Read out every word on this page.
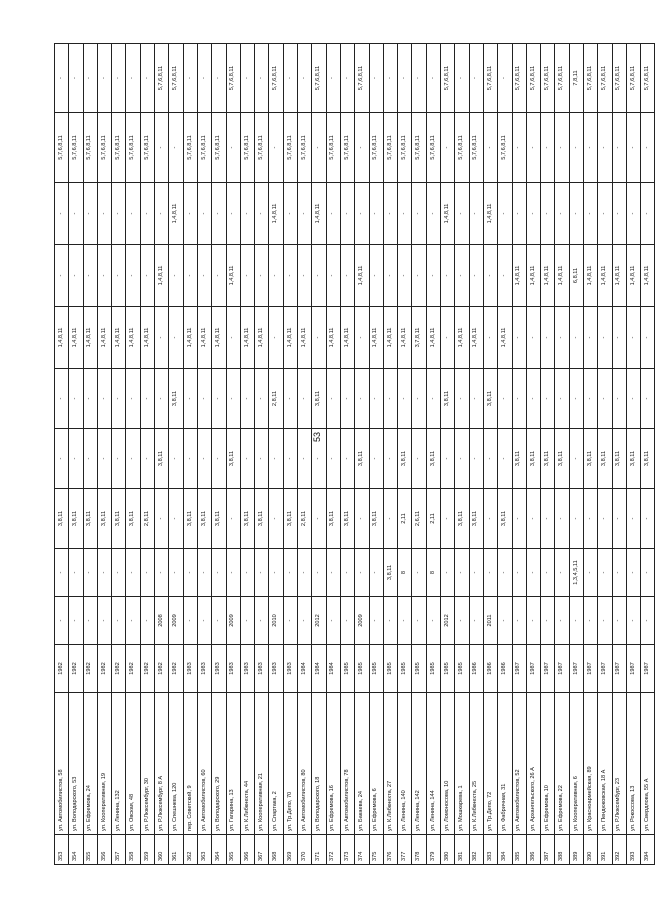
53
353	ул. Автомобилистов, 58	1982	-	-	3,8,11	-	-	1,4,8,11	-	-	5,7,6,8,11	-
354	ул. Володарского, 53	1982	-	-	3,8,11	-	-	1,4,8,11	-	-	5,7,6,8,11	-
355	ул. Ефремова, 24	1982	-	-	3,8,11	-	-	1,4,8,11	-	-	5,7,6,8,11	-
356	ул. Кооперативная, 19	1982	-	-	3,8,11	-	-	1,4,8,11	-	-	5,7,6,8,11	-
357	ул. Ленина, 132	1982	-	-	3,8,11	-	-	1,4,8,11	-	-	5,7,6,8,11	-
358	ул. Овская, 48	1982	-	-	3,8,11	-	-	1,4,8,11	-	-	5,7,6,8,11	-
359	ул. Р.Люксембург, 30	1982	-	-	2,8,11	-	-	1,4,8,11	-	-	5,7,6,8,11	-
360	ул. Р.Люксембург, 8 А	1982	2008	-	-	3,8,11	-	-	1,4,8,11	-	-	5,7,6,8,11
361	ул. Спешнева, 120	1982	2009	-	-	-	3,8,11	-	-	1,4,8,11	-	5,7,6,8,11
362	пер. Советский, 9	1983	-	-	3,8,11	-	-	1,4,8,11	-	-	5,7,6,8,11	-
363	ул. Автомобилистов, 60	1983	-	-	3,8,11	-	-	1,4,8,11	-	-	5,7,6,8,11	-
364	ул. Володарского, 29	1983	-	-	3,8,11	-	-	1,4,8,11	-	-	5,7,6,8,11	-
365	ул. Гагарина, 13	1983	2009	-	-	3,8,11	-	-	1,4,8,11	-	-	5,7,6,8,11
366	ул. К.Либкнехта, 44	1983	-	-	3,8,11	-	-	1,4,8,11	-	-	5,7,6,8,11	-
367	ул. Кооперативная, 21	1983	-	-	3,8,11	-	-	1,4,8,11	-	-	5,7,6,8,11	-
368	ул. Спартака, 2	1983	2010	-	-	-	2,8,11	-	-	1,4,8,11	-	5,7,6,8,11
369	ул. Тр.Депо, 70	1983	-	-	3,8,11	-	-	1,4,8,11	-	-	5,7,6,8,11	-
370	ул. Автомобилистов, 80	1984	-	-	2,8,11	-	-	1,4,8,11	-	-	5,7,6,8,11	-
371	ул. Володарского, 18	1984	2012	-	-	-	3,8,11	-	-	1,4,8,11	-	5,7,6,8,11
372	ул. Ефремова, 16	1984	-	-	3,8,11	-	-	1,4,8,11	-	-	5,7,6,8,11	-
373	ул. Автомобилистов, 78	1985	-	-	3,8,11	-	-	1,4,8,11	-	-	5,7,6,8,11	-
374	ул. Бакаева, 24	1985	2009	-	-	3,8,11	-	-	1,4,8,11	-	-	5,7,6,8,11
375	ул. Ефремова, 6	1985	-	-	3,8,11	-	-	1,4,8,11	-	-	5,7,6,8,11	-
376	ул. К.Либкнехта, 27	1985	-	3,8,11	-	-	-	1,4,8,11	-	-	5,7,6,8,11	-
377	ул. Ленина, 140	1985	-	8	2,11	3,8,11	-	1,4,8,11	-	-	5,7,6,8,11	-
378	ул. Ленина, 142	1985	-	-	2,6,11	-	-	3,7,8,11	-	-	5,7,6,8,11	-
379	ул. Ленина, 144	1985	-	8	2,11	3,8,11	-	1,4,8,11	-	-	5,7,6,8,11	-
380	ул. Ломоносова, 10	1985	2012	-	-	-	3,8,11	-	-	1,4,8,11	-	5,7,6,8,11
381	ул. Мошкаревa, 1	1985	-	-	3,8,11	-	-	1,4,8,11	-	-	5,7,6,8,11	-
382	ул. К.Либкнехта, 25	1986	-	-	3,8,11	-	-	1,4,8,11	-	-	5,7,6,8,11	-
383	ул. Тр.Депо, 72	1986	2011	-	-	-	3,8,11	-	-	1,4,8,11	-	5,7,6,8,11
384	ул. Фабричная, 31	1986	-	-	3,8,11	-	-	1,4,8,11	-	-	5,7,6,8,11	-
385	ул. Автомобилистов, 52	1987	-	-	-	3,8,11	-	-	1,4,8,11	-	-	5,7,6,8,11
386	ул. Архангельского, 26 А	1987	-	-	-	3,8,11	-	-	1,4,8,11	-	-	5,7,6,8,11
387	ул. Ефремова, 10	1987	-	-	-	3,8,11	-	-	1,4,8,11	-	-	5,7,6,8,11
388	ул. Ефремова, 22	1987	-	-	-	3,8,11	-	-	1,4,8,11	-	-	5,7,6,8,11
389	ул. Кооперативная, 6	1987	-	1,3,4,5,11	-	-	-	-	6,8,11	-	-	7,8,11
390	ул. Красноармейская, 89	1987	-	-	-	3,8,11	-	-	1,4,8,11	-	-	5,7,6,8,11
391	ул. Пендюковская, 18 А	1987	-	-	-	3,8,11	-	-	1,4,8,11	-	-	5,7,6,8,11
392	ул. Р.Люксембург, 23	1987	-	-	-	3,8,11	-	-	1,4,8,11	-	-	5,7,6,8,11
393	ул. Рокоссова, 13	1987	-	-	-	3,8,11	-	-	1,4,8,11	-	-	5,7,6,8,11
394	ул. Свердлова, 55 А	1987	-	-	-	3,8,11	-	-	1,4,8,11	-	-	5,7,6,8,11
